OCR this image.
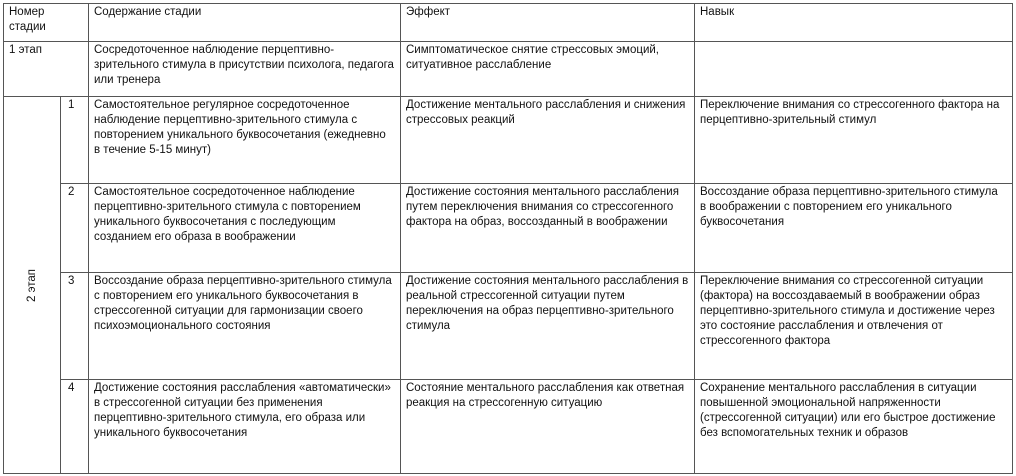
Номер стадии		Содержание стадии	Эффект	Навык
1 этап		Сосредоточенное наблюдение перцептивно-зрительного стимула в присутствии психолога, педагога или тренера	Симптоматическое снятие стрессовых эмоций, ситуативное расслабление	
2 этап	1	Самостоятельное регулярное сосредоточенное наблюдение перцептивно-зрительного стимула с повторением уникального буквосочетания (ежедневно в течение 5-15 минут)	Достижение ментального расслабления и снижения стрессовых реакций	Переключение внимания со стрессогенного фактора на перцептивно-зрительный стимул
	2	Самостоятельное сосредоточенное наблюдение перцептивно-зрительного стимула с повторением уникального буквосочетания с последующим созданием его образа в воображении	Достижение состояния ментального расслабления путем переключения внимания со стрессогенного фактора на образ, воссозданный в воображении	Воссоздание образа перцептивно-зрительного стимула в воображении с повторением его уникального буквосочетания
	3	Воссоздание образа перцептивно-зрительного стимула с повторением его уникального буквосочетания в стрессогенной ситуации для гармонизации своего психоэмоционального состояния	Достижение состояния ментального расслабления в реальной стрессогенной ситуации путем переключения на образ перцептивно-зрительного стимула	Переключение внимания со стрессогенной ситуации (фактора) на воссоздаваемый в воображении образ перцептивно-зрительного стимула и достижение через это состояние расслабления и отвлечения от стрессогенного фактора
	4	Достижение состояния расслабления «автоматически» в стрессогенной ситуации без применения перцептивно-зрительного стимула, его образа или уникального буквосочетания	Состояние ментального расслабления как ответная реакция на стрессогенную ситуацию	Сохранение ментального расслабления в ситуации повышенной эмоциональной напряженности (стрессогенной ситуации) или его быстрое достижение без вспомогательных техник и образов
